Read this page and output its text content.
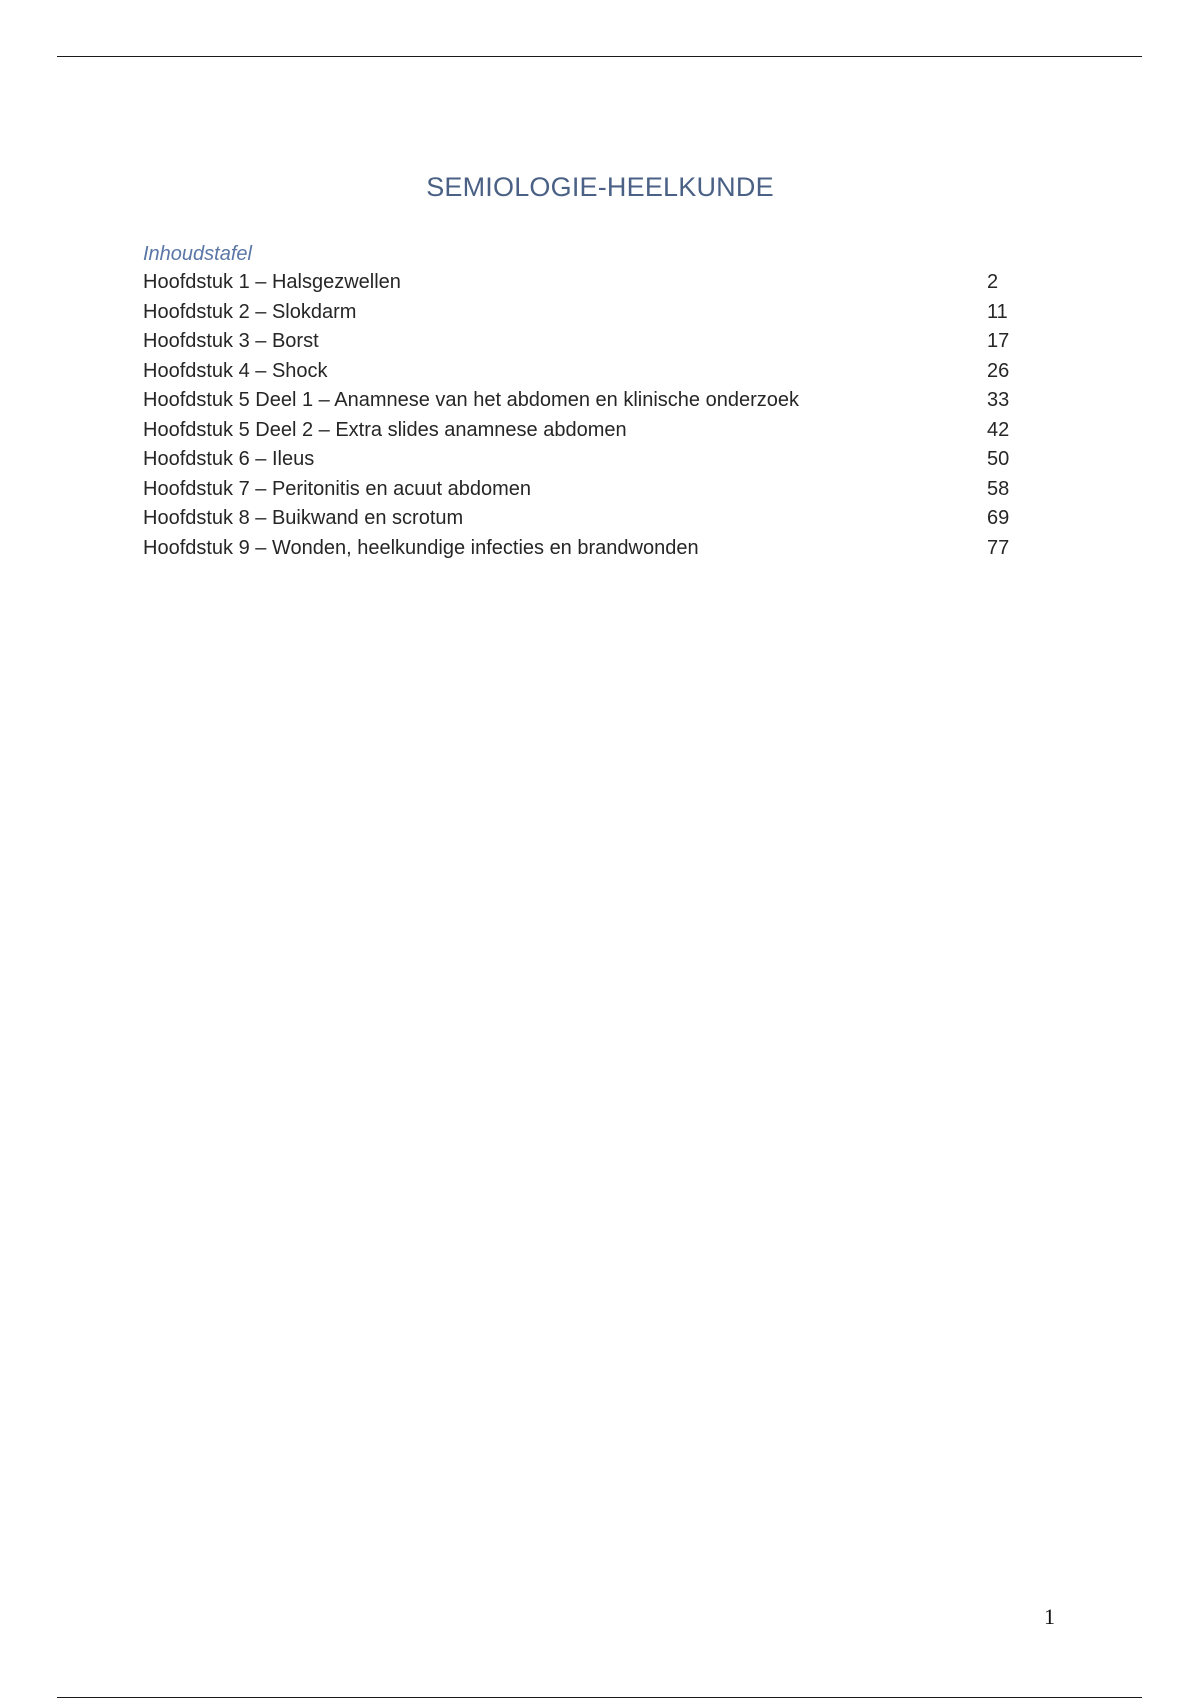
SEMIOLOGIE-HEELKUNDE
Inhoudstafel
Hoofdstuk 1 – Halsgezwellen	2
Hoofdstuk 2 – Slokdarm	11
Hoofdstuk 3 – Borst	17
Hoofdstuk 4 – Shock	26
Hoofdstuk 5 Deel 1 – Anamnese van het abdomen en klinische onderzoek	33
Hoofdstuk 5 Deel 2 – Extra slides anamnese abdomen	42
Hoofdstuk 6 – Ileus	50
Hoofdstuk 7 – Peritonitis en acuut abdomen	58
Hoofdstuk 8 – Buikwand en scrotum	69
Hoofdstuk 9 – Wonden, heelkundige infecties en brandwonden	77
1
